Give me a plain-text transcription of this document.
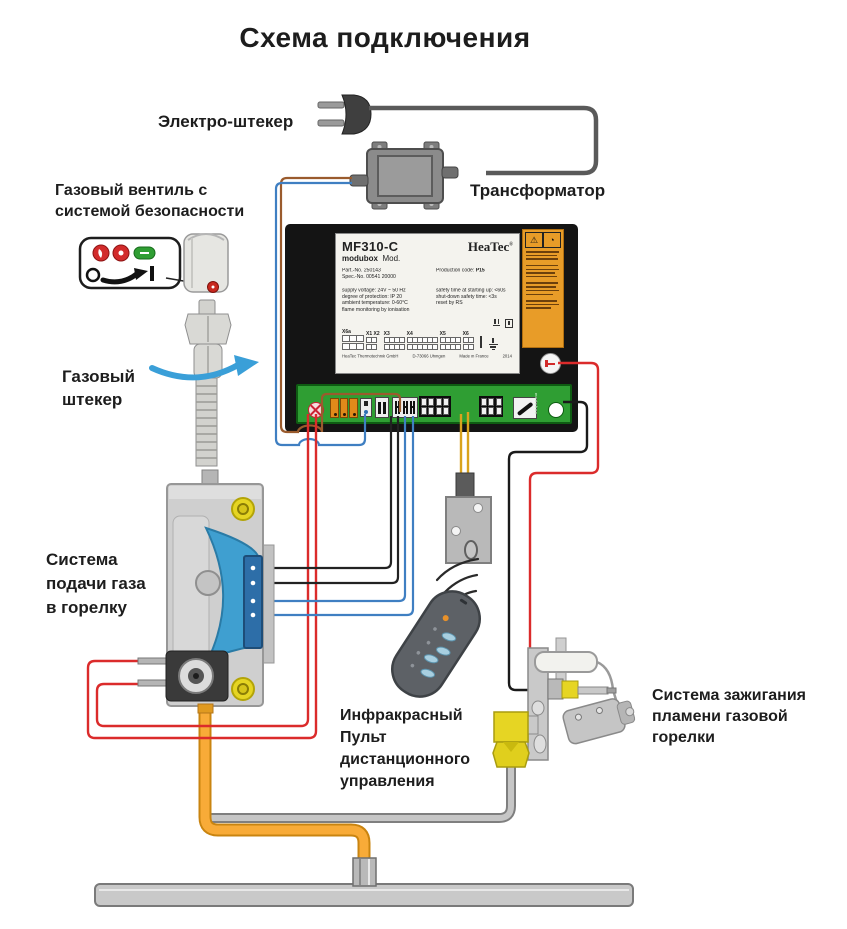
Схема подключения
Электро-штекер
Трансформатор
Газовый вентиль с
системой безопасности
Газовый
штекер
Система
подачи газа
в горелку
Инфракрасный
Пульт
дистанционного
управления
Система зажигания
пламени газовой
горелки
MF310-C	HeaTec®
modubox Mod.
Part.-No. 250143
Spec.-No. 00541 20000
Production code: P15
supply voltage: 24V ~ 50 Hz
degree of protection: IP 20
ambient temperature: 0-60°C
flame monitoring by ionisation
safety time at starting up: <60s
shut-down safety time: <3s
reset by RS
X6a	X1 X2 X3	X4	X5	X6
HeaTec Thermotechnik GmbH D-73066 Uhingen Made in France 2014
⚠	◔
modubox
